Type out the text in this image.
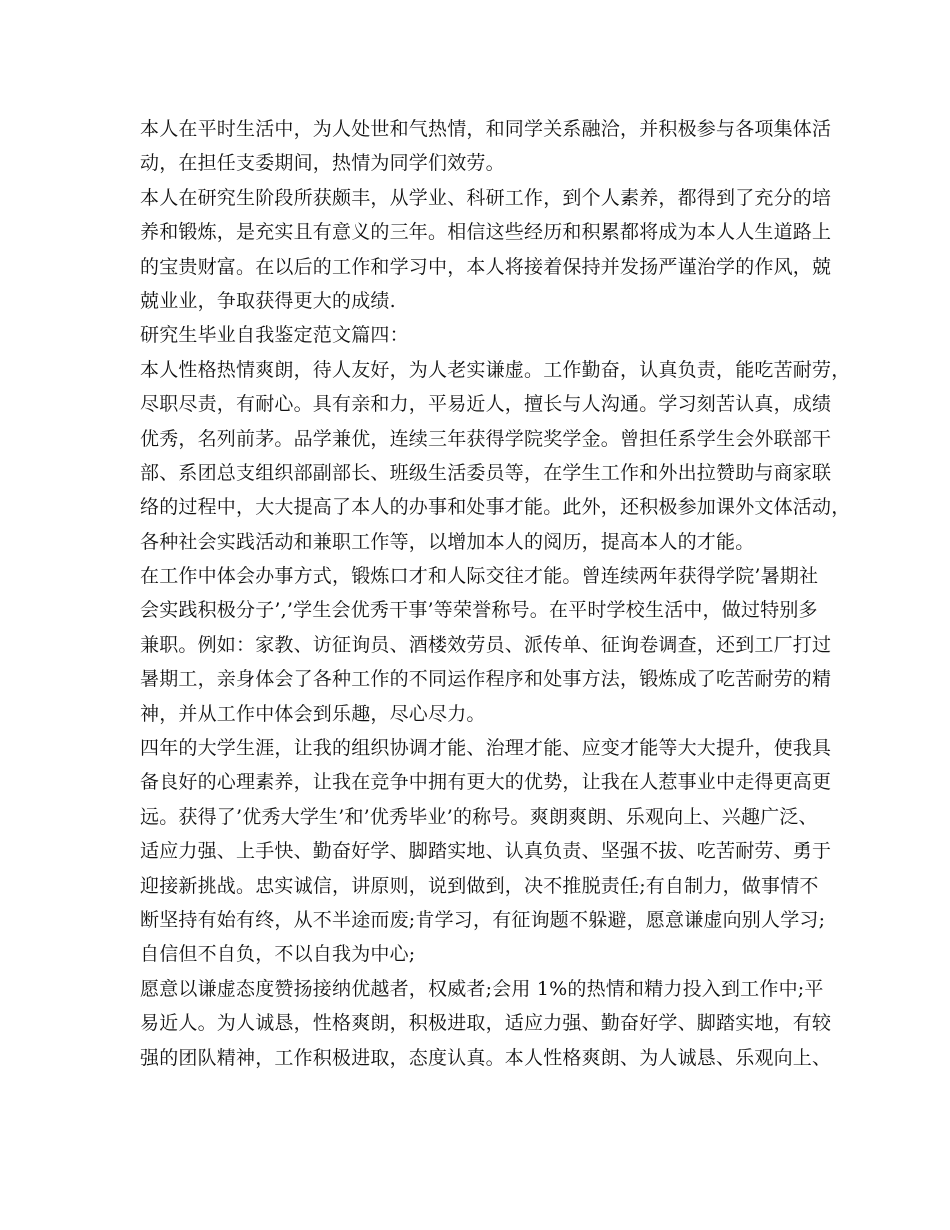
本人在平时生活中，为人处世和气热情，和同学关系融洽，并积极参与各项集体活
动，在担任支委期间，热情为同学们效劳。
本人在研究生阶段所获颇丰，从学业、科研工作，到个人素养，都得到了充分的培
养和锻炼，是充实且有意义的三年。相信这些经历和积累都将成为本人人生道路上
的宝贵财富。在以后的工作和学习中，本人将接着保持并发扬严谨治学的作风，兢
兢业业，争取获得更大的成绩.
研究生毕业自我鉴定范文篇四：
本人性格热情爽朗，待人友好，为人老实谦虚。工作勤奋，认真负责，能吃苦耐劳，
尽职尽责，有耐心。具有亲和力，平易近人，擅长与人沟通。学习刻苦认真，成绩
优秀，名列前茅。品学兼优，连续三年获得学院奖学金。曾担任系学生会外联部干
部、系团总支组织部副部长、班级生活委员等，在学生工作和外出拉赞助与商家联
络的过程中，大大提高了本人的办事和处事才能。此外，还积极参加课外文体活动，
各种社会实践活动和兼职工作等，以增加本人的阅历，提高本人的才能。
在工作中体会办事方式，锻炼口才和人际交往才能。曾连续两年获得学院’暑期社
会实践积极分子’,’学生会优秀干事’等荣誉称号。在平时学校生活中，做过特别多
兼职。例如：家教、访征询员、酒楼效劳员、派传单、征询卷调查，还到工厂打过
暑期工，亲身体会了各种工作的不同运作程序和处事方法，锻炼成了吃苦耐劳的精
神，并从工作中体会到乐趣，尽心尽力。
四年的大学生涯，让我的组织协调才能、治理才能、应变才能等大大提升，使我具
备良好的心理素养，让我在竞争中拥有更大的优势，让我在人惹事业中走得更高更
远。获得了’优秀大学生’和’优秀毕业’的称号。爽朗爽朗、乐观向上、兴趣广泛、
适应力强、上手快、勤奋好学、脚踏实地、认真负责、坚强不拔、吃苦耐劳、勇于
迎接新挑战。忠实诚信，讲原则，说到做到，决不推脱责任;有自制力，做事情不
断坚持有始有终，从不半途而废;肯学习，有征询题不躲避，愿意谦虚向别人学习;
自信但不自负，不以自我为中心;
愿意以谦虚态度赞扬接纳优越者，权威者;会用 1%的热情和精力投入到工作中;平
易近人。为人诚恳，性格爽朗，积极进取，适应力强、勤奋好学、脚踏实地，有较
强的团队精神，工作积极进取，态度认真。本人性格爽朗、为人诚恳、乐观向上、
